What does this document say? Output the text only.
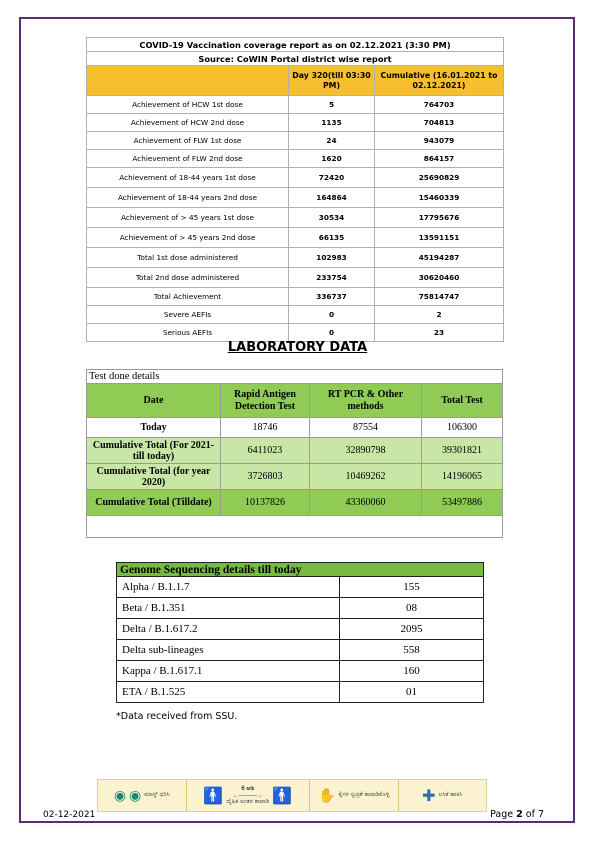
COVID-19 Vaccination coverage report as on 02.12.2021 (3:30 PM)		
Source: CoWIN Portal district wise report		
	Day 320(till 03:30 PM)	Cumulative (16.01.2021 to 02.12.2021)
Achievement of HCW 1st dose	5	764703
Achievement of HCW 2nd dose	1135	704813
Achievement of FLW 1st dose	24	943079
Achievement of FLW 2nd dose	1620	864157
Achievement of 18-44 years 1st dose	72420	25690829
Achievement of 18-44 years 2nd dose	164864	15460339
Achievement of > 45 years 1st dose	30534	17795676
Achievement of > 45 years 2nd dose	66135	13591151
Total 1st dose administered	102983	45194287
Total 2nd dose administered	233754	30620460
Total Achievement	336737	75814747
Severe AEFIs	0	2
Serious AEFIs	0	23
LABORATORY DATA
Test done details			
Date	Rapid Antigen Detection Test	RT PCR & Other methods	Total Test
Today	18746	87554	106300
Cumulative Total (For 2021- till today)	6411023	32890798	39301821
Cumulative Total (for year 2020)	3726803	10469262	14196065
Cumulative Total (Tilldate)	10137826	43360060	53497886

Genome Sequencing details till today	
Alpha / B.1.1.7	155
Beta / B.1.351	08
Delta / B.1.617.2	2095
Delta sub-lineages	558
Kappa / B.1.617.1	160
ETA / B.1.525	01
*Data received from SSU.
◉ ◉ ಮಾಸ್ಕ್ ಧರಿಸಿ 🚹	6 ಅಡಿ
←———→
ದೈಹಿಕ ಅಂತರ ಕಾಪಾಡಿ 🚹 ✋ ಕೈಗಳ ಸ್ವಚ್ಛತೆ ಕಾಪಾಡಿಕೊಳ್ಳಿ ✚ ಲಸಿಕೆ ಹಾಕಿಸಿ
02-12-2021	Page 2 of 7
